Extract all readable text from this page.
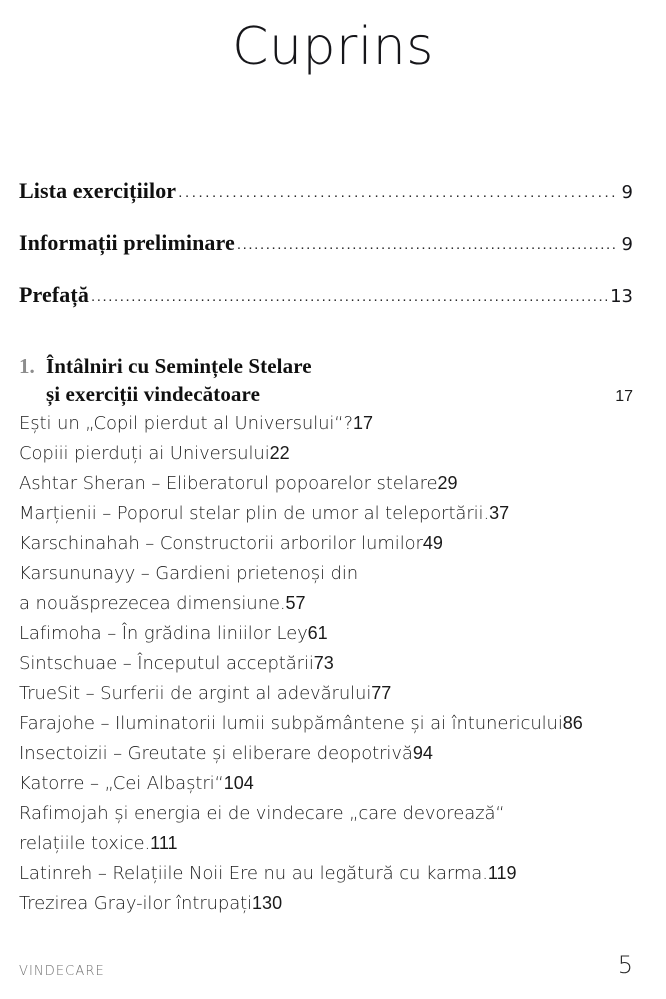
Cuprins
Lista exercițiilor .....	9
Informații preliminare .....	9
Prefață .....	13
1. Întâlniri cu Semințele Stelare
și exerciții vindecătoare	17
Ești un „Copil pierdut al Universului“? 17
Copiii pierduți ai Universului 22
Ashtar Sheran – Eliberatorul popoarelor stelare 29
Marțienii – Poporul stelar plin de umor al teleportării. 37
Karschinahah – Constructorii arborilor lumilor 49
Karsununayy – Gardieni prietenoși din
a nouăsprezecea dimensiune. 57
Lafimoha – În grădina liniilor Ley 61
Sintschuae – Începutul acceptării 73
TrueSit – Surferii de argint al adevărului 77
Farajohe – Iluminatorii lumii subpământene și ai întunericului 86
Insectoizii – Greutate și eliberare deopotrivă 94
Katorre – „Cei Albaștri“ 104
Rafimojah și energia ei de vindecare „care devorează“
relațiile toxice. 111
Latinreh – Relațiile Noii Ere nu au legătură cu karma. 119
Trezirea Gray-ilor întrupați 130
VINDECARE	5
